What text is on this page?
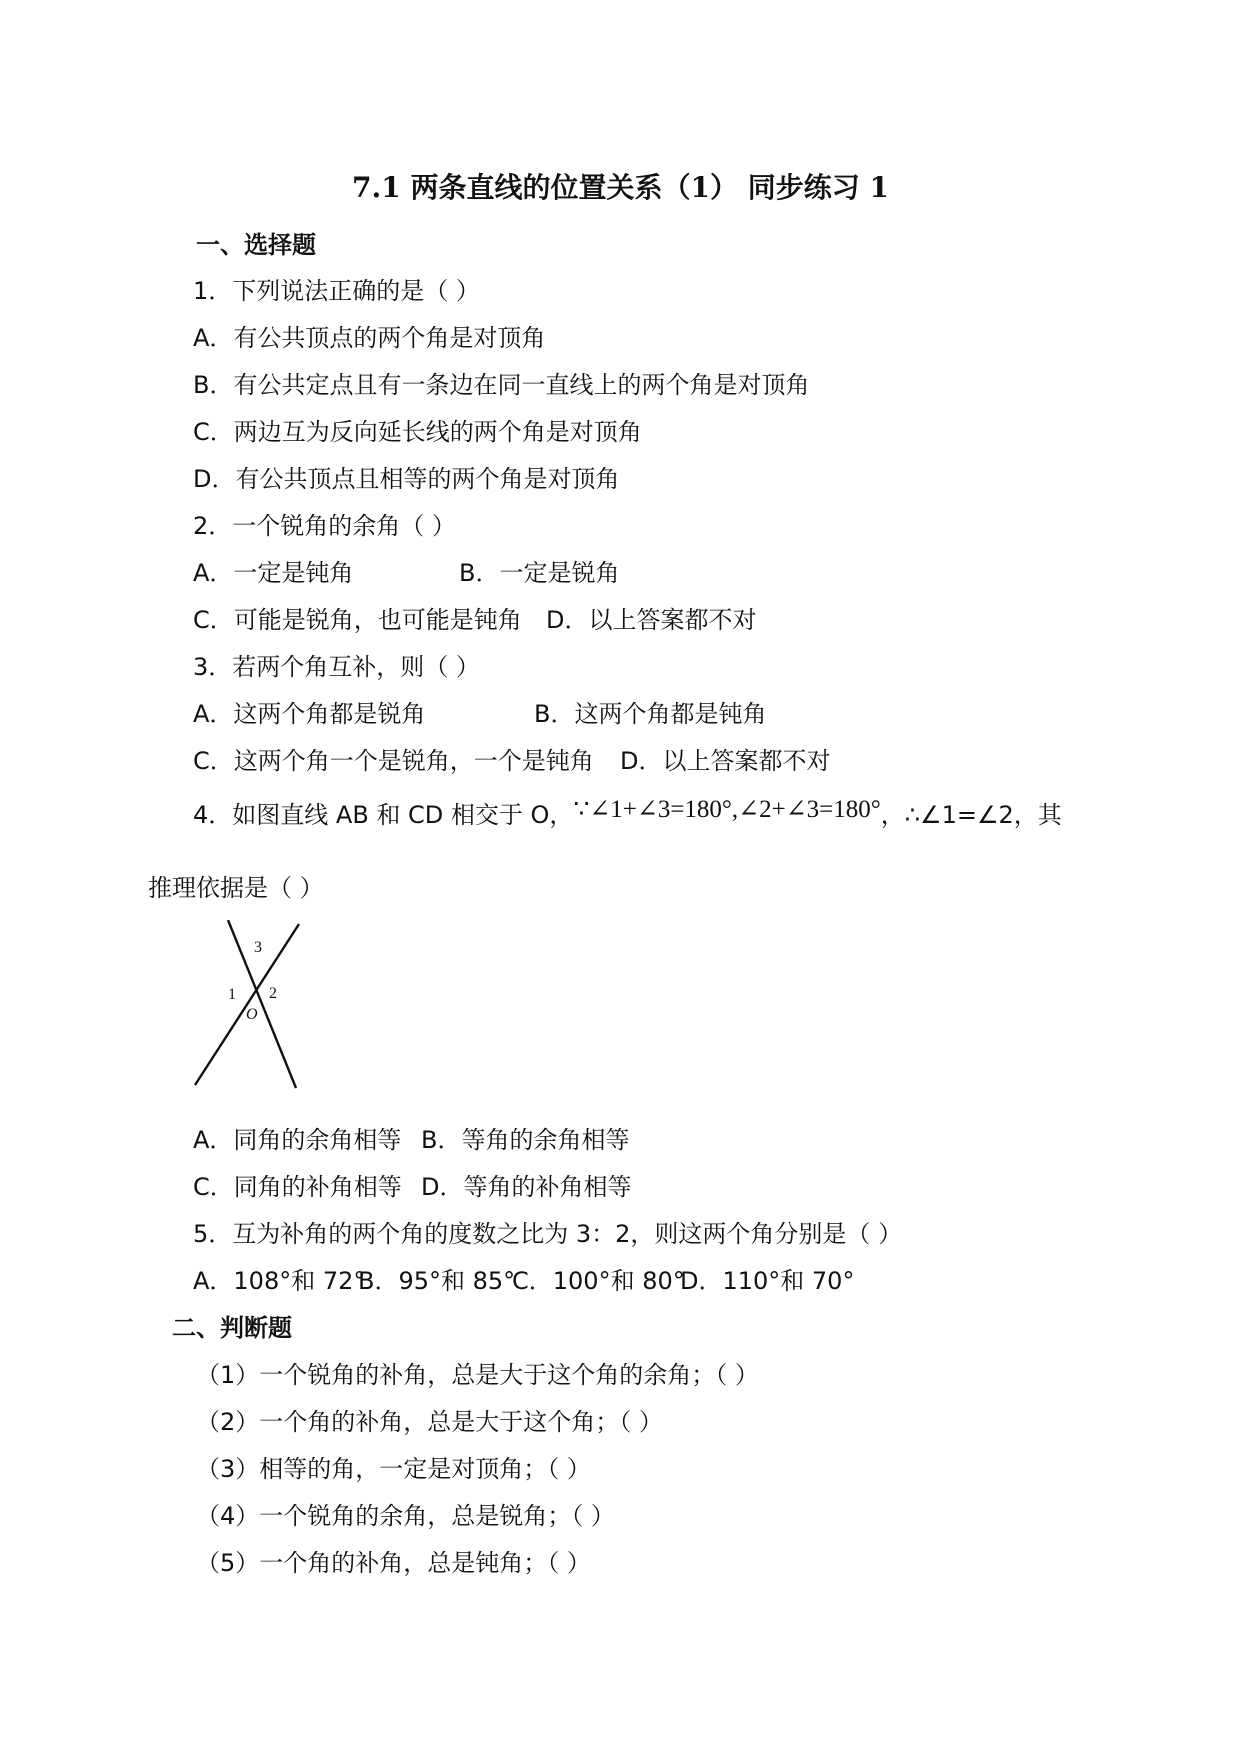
7.1 两条直线的位置关系（1） 同步练习 1
一、选择题
1．下列说法正确的是（ ）
A．有公共顶点的两个角是对顶角
B．有公共定点且有一条边在同一直线上的两个角是对顶角
C．两边互为反向延长线的两个角是对顶角
D．有公共顶点且相等的两个角是对顶角
2．一个锐角的余角（ ）
A．一定是钝角	B．一定是锐角
C．可能是锐角，也可能是钝角 D．以上答案都不对
3．若两个角互补，则（ ）
A．这两个角都是锐角	B．这两个角都是钝角
C．这两个角一个是锐角，一个是钝角 D．以上答案都不对
4．如图直线 AB 和 CD 相交于 O，∵∠1+∠3=180°,∠2+∠3=180°，∴∠1=∠2，其
推理依据是（ ）
3
1 2
O
A．同角的余角相等 B．等角的余角相等
C．同角的补角相等 D．等角的补角相等
5．互为补角的两个角的度数之比为 3：2，则这两个角分别是（ ）
A．108°和 72°
B．95°和 85°
C．100°和 80°
D．110°和 70°
二、判断题
（1）一个锐角的补角，总是大于这个角的余角；（ ）
（2）一个角的补角，总是大于这个角；（ ）
（3）相等的角，一定是对顶角；（ ）
（4）一个锐角的余角，总是锐角；（ ）
（5）一个角的补角，总是钝角；（ ）
